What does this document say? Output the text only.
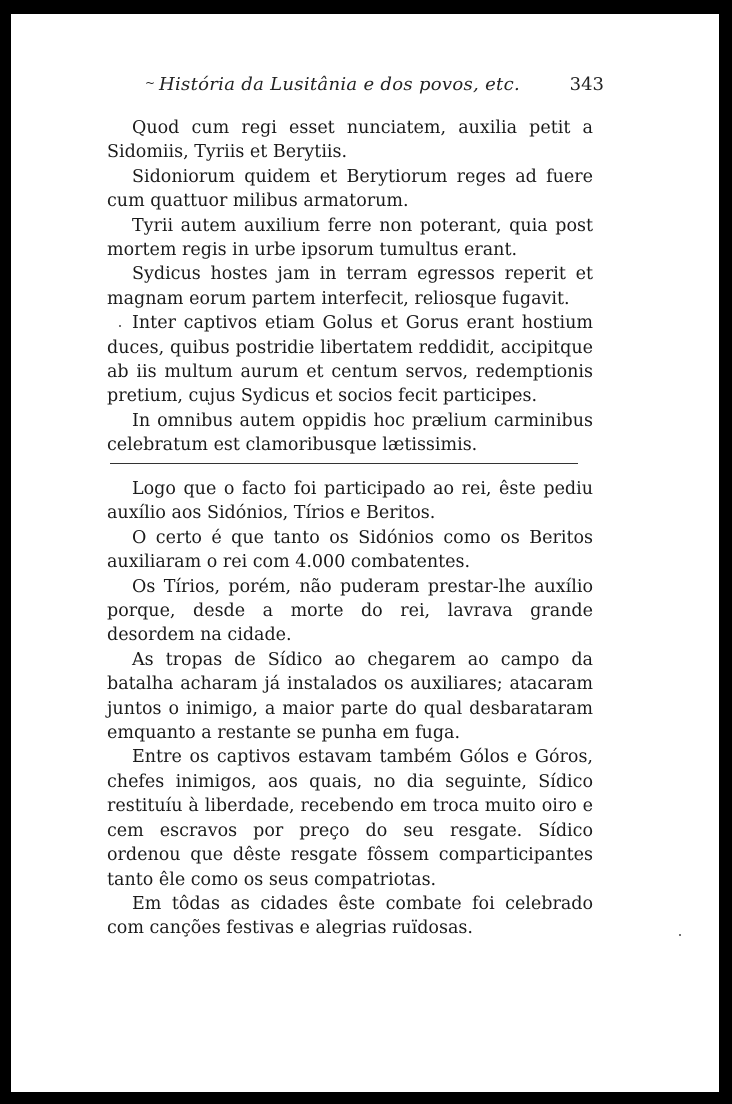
~ História da Lusitânia e dos povos, etc.	343

Quod cum regi esset nunciatem, auxilia petit a Sidomiis, Tyriis et Berytiis.

Sidoniorum quidem et Berytiorum reges ad fuere cum quattuor milibus armatorum.

Tyrii autem auxilium ferre non poterant, quia post mortem regis in urbe ipsorum tumultus erant.

Sydicus hostes jam in terram egressos reperit et magnam eorum partem interfecit, reliosque fugavit.

Inter captivos etiam Golus et Gorus erant hostium duces, quibus postridie libertatem reddidit, accipitque ab iis multum aurum et centum servos, redemptionis pretium, cujus Sydicus et socios fecit participes.

In omnibus autem oppidis hoc prælium carminibus celebratum est clamoribusque lætissimis.

Logo que o facto foi participado ao rei, êste pediu auxílio aos Sidónios, Tírios e Beritos.

O certo é que tanto os Sidónios como os Beritos auxiliaram o rei com 4.000 combatentes.

Os Tírios, porém, não puderam prestar-lhe auxílio porque, desde a morte do rei, lavrava grande desordem na cidade.

As tropas de Sídico ao chegarem ao campo da batalha acharam já instalados os auxiliares; atacaram juntos o inimigo, a maior parte do qual desbarataram emquanto a restante se punha em fuga.

Entre os captivos estavam também Gólos e Góros, chefes inimigos, aos quais, no dia seguinte, Sídico restituíu à liberdade, recebendo em troca muito oiro e cem escravos por preço do seu resgate. Sídico ordenou que dêste resgate fôssem comparticipantes tanto êle como os seus compatriotas.

Em tôdas as cidades êste combate foi celebrado com canções festivas e alegrias ruïdosas.
